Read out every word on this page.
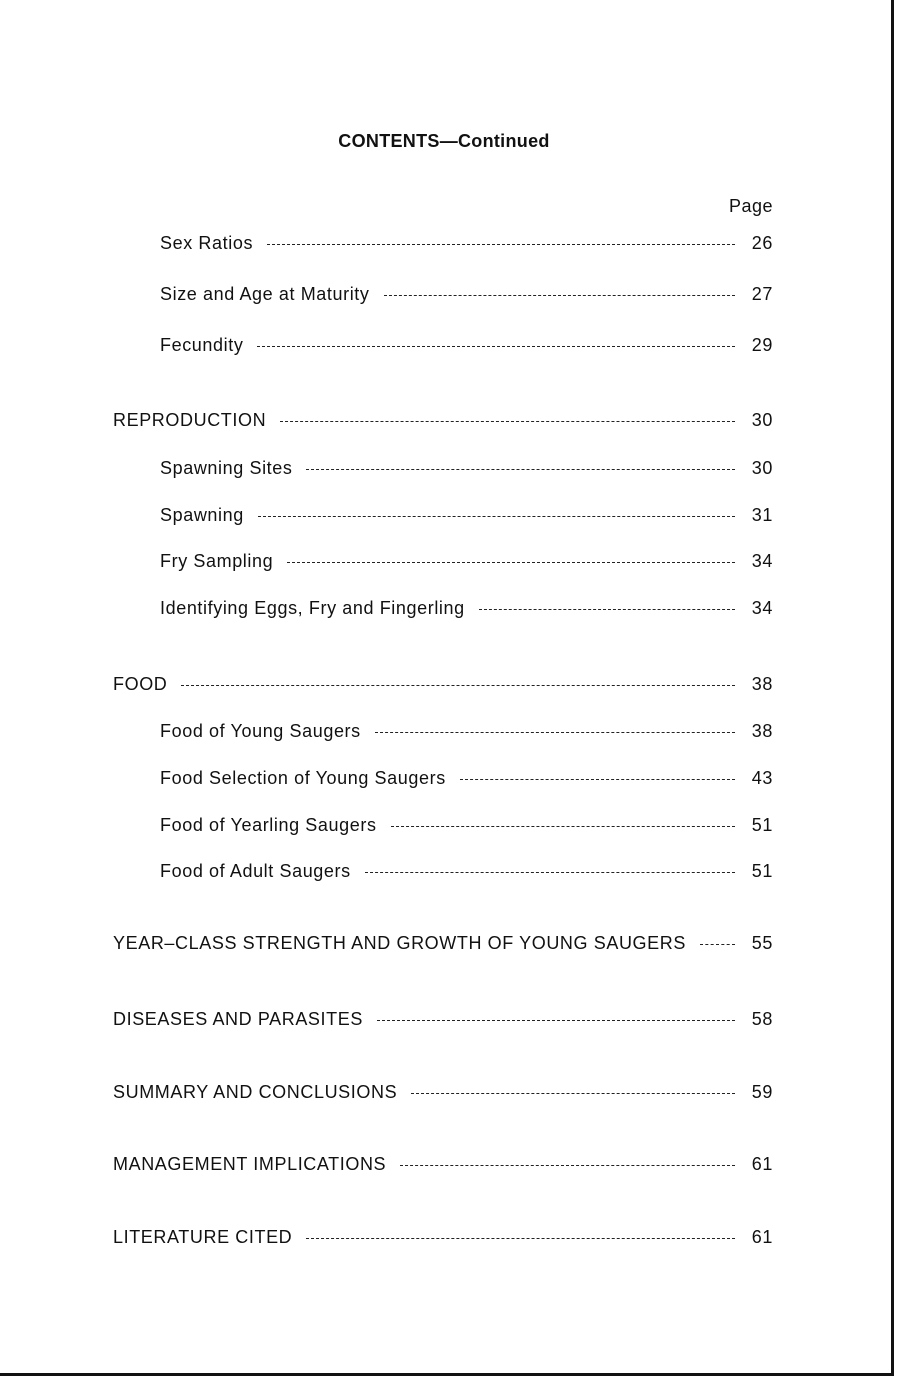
CONTENTS—Continued
Page
Sex Ratios	26
Size and Age at Maturity	27
Fecundity	29
REPRODUCTION	30
Spawning Sites	30
Spawning	31
Fry Sampling	34
Identifying Eggs, Fry and Fingerling	34
FOOD	38
Food of Young Saugers	38
Food Selection of Young Saugers	43
Food of Yearling Saugers	51
Food of Adult Saugers	51
YEAR–CLASS STRENGTH AND GROWTH OF YOUNG SAUGERS	55
DISEASES AND PARASITES	58
SUMMARY AND CONCLUSIONS	59
MANAGEMENT IMPLICATIONS	61
LITERATURE CITED	61
